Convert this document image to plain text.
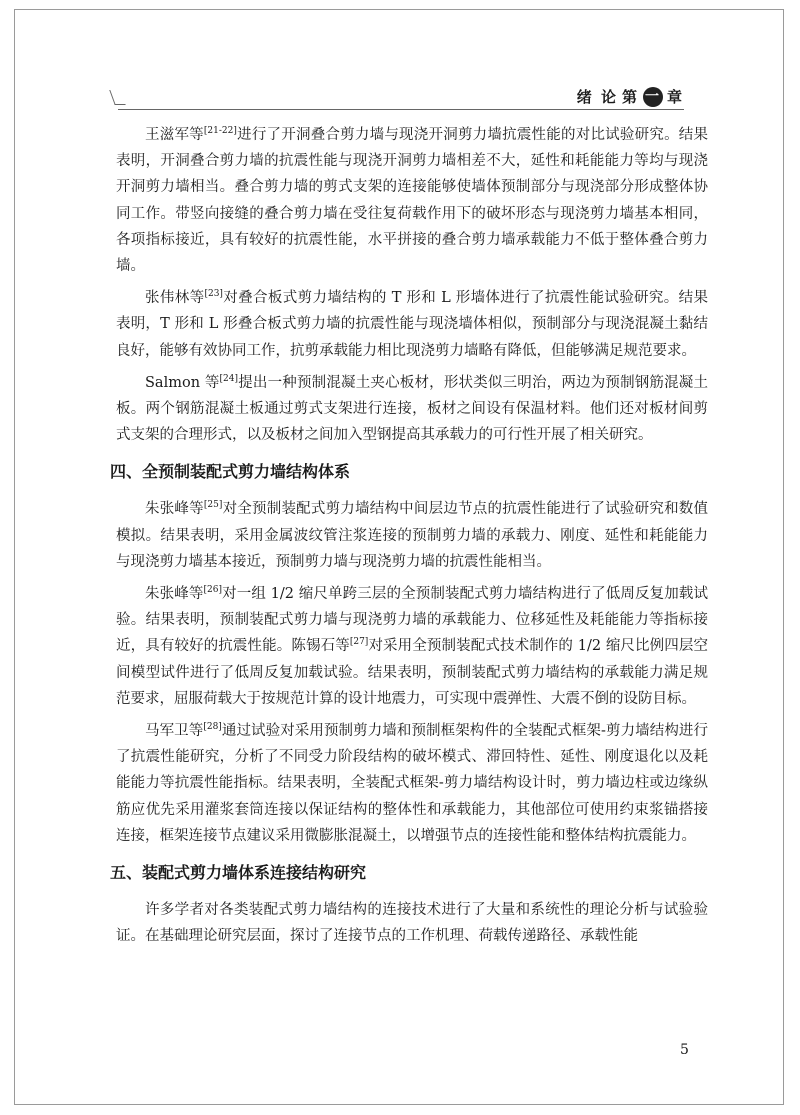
绪 论 第 一 章

王滋军等[21-22]进行了开洞叠合剪力墙与现浇开洞剪力墙抗震性能的对比试验研究。结果表明，开洞叠合剪力墙的抗震性能与现浇开洞剪力墙相差不大，延性和耗能能力等均与现浇开洞剪力墙相当。叠合剪力墙的剪式支架的连接能够使墙体预制部分与现浇部分形成整体协同工作。带竖向接缝的叠合剪力墙在受往复荷载作用下的破坏形态与现浇剪力墙基本相同，各项指标接近，具有较好的抗震性能，水平拼接的叠合剪力墙承载能力不低于整体叠合剪力墙。

张伟林等[23]对叠合板式剪力墙结构的 T 形和 L 形墙体进行了抗震性能试验研究。结果表明，T 形和 L 形叠合板式剪力墙的抗震性能与现浇墙体相似，预制部分与现浇混凝土黏结良好，能够有效协同工作，抗剪承载能力相比现浇剪力墙略有降低，但能够满足规范要求。

Salmon 等[24]提出一种预制混凝土夹心板材，形状类似三明治，两边为预制钢筋混凝土板。两个钢筋混凝土板通过剪式支架进行连接，板材之间设有保温材料。他们还对板材间剪式支架的合理形式，以及板材之间加入型钢提高其承载力的可行性开展了相关研究。

四、全预制装配式剪力墙结构体系

朱张峰等[25]对全预制装配式剪力墙结构中间层边节点的抗震性能进行了试验研究和数值模拟。结果表明，采用金属波纹管注浆连接的预制剪力墙的承载力、刚度、延性和耗能能力与现浇剪力墙基本接近，预制剪力墙与现浇剪力墙的抗震性能相当。

朱张峰等[26]对一组 1/2 缩尺单跨三层的全预制装配式剪力墙结构进行了低周反复加载试验。结果表明，预制装配式剪力墙与现浇剪力墙的承载能力、位移延性及耗能能力等指标接近，具有较好的抗震性能。陈锡石等[27]对采用全预制装配式技术制作的 1/2 缩尺比例四层空间模型试件进行了低周反复加载试验。结果表明，预制装配式剪力墙结构的承载能力满足规范要求，屈服荷载大于按规范计算的设计地震力，可实现中震弹性、大震不倒的设防目标。

马军卫等[28]通过试验对采用预制剪力墙和预制框架构件的全装配式框架-剪力墙结构进行了抗震性能研究，分析了不同受力阶段结构的破坏模式、滞回特性、延性、刚度退化以及耗能能力等抗震性能指标。结果表明，全装配式框架-剪力墙结构设计时，剪力墙边柱或边缘纵筋应优先采用灌浆套筒连接以保证结构的整体性和承载能力，其他部位可使用约束浆锚搭接连接，框架连接节点建议采用微膨胀混凝土，以增强节点的连接性能和整体结构抗震能力。

五、装配式剪力墙体系连接结构研究

许多学者对各类装配式剪力墙结构的连接技术进行了大量和系统性的理论分析与试验验证。在基础理论研究层面，探讨了连接节点的工作机理、荷载传递路径、承载性能

5
